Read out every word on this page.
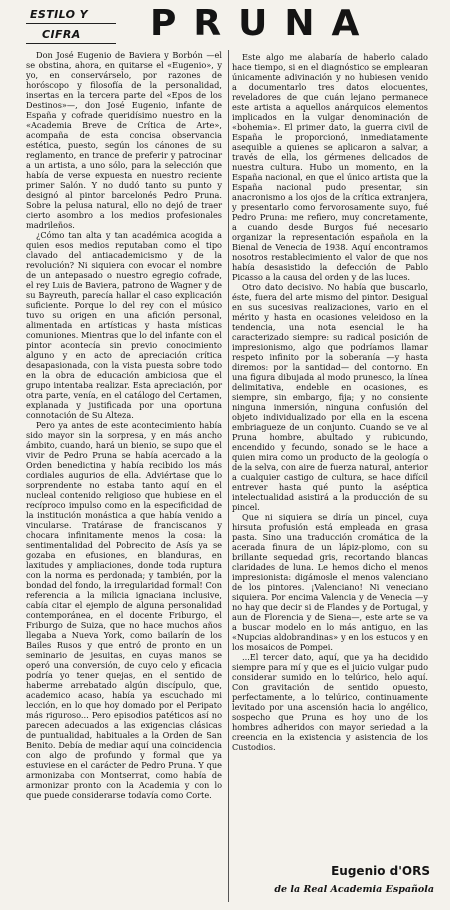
ESTILO Y
CIFRA PRUNA

Don José Eugenio de Baviera y Borbón —el se obstina, ahora, en quitarse el «Eugenio», y yo, en conservárselo, por razones de horóscopo y filosofía de la personalidad, insertas en la tercera parte del «Epos de los Destinos»—, don José Eugenio, infante de España y cofrade queridísimo nuestro en la «Academia Breve de Crítica de Arte», acompaña de esta concisa observancia estética, puesto, según los cánones de su reglamento, en trance de preferir y patrocinar a un artista, a uno sólo, para la selección que había de verse expuesta en nuestro reciente primer Salón. Y no dudó tanto su punto y designó al pintor barcelonés Pedro Pruna. Sobre la pelusa natural, ello no dejó de traer cierto asombro a los medios profesionales madrileños.

¿Cómo tan alta y tan académica acogida a quien esos medios reputaban como el tipo clavado del antiacademicismo y de la revolución? Ni siquiera con evocar el nombre de un antepasado o nuestro egregio cofrade, el rey Luis de Baviera, patrono de Wagner y de su Bayreuth, parecía hallar el caso explicación suficiente. Porque lo del rey con el músico tuvo su origen en una afición personal, alimentada en artísticas y hasta místicas comuniones. Mientras que lo del infante con el pintor acontecía sin previo conocimiento alguno y en acto de apreciación crítica desapasionada, con la vista puesta sobre todo en la obra de educación ambiciosa que el grupo intentaba realizar. Esta apreciación, por otra parte, venía, en el catálogo del Certamen, explanada y justificada por una oportuna connotación de Su Alteza.

Pero ya antes de este acontecimiento había sido mayor sin la sorpresa, y en más ancho ámbito, cuando, hará un bienio, se supo que el vivir de Pedro Pruna se había acercado a la Orden benedictina y había recibido los más cordiales augurios de ella. Adviértase que lo sorprendente no estaba tanto aquí en el nucleal contenido religioso que hubiese en el recíproco impulso como en la especificidad de la institución monástica a que había venido a vincularse. Tratárase de franciscanos y chocara infinitamente menos la cosa: la sentimentalidad del Pobrecito de Asís ya se gozaba en efusiones, en blanduras, en laxitudes y ampliaciones, donde toda ruptura con la norma es perdonada; y también, por la bondad del fondo, la irregularidad formal! Con referencia a la milicia ignaciana inclusive, cabía citar el ejemplo de alguna personalidad contemporánea, en el docente Friburgo, el Friburgo de Suiza, que no hace muchos años llegaba a Nueva York, como bailarín de los Bailes Rusos y que entró de pronto en un seminario de jesuitas, en cuyas manos se operó una conversión, de cuyo celo y eficacia podría yo tener quejas, en el sentido de haberme arrebatado algún discípulo, que, academico acaso, había ya escuchado mi lección, en lo que hoy domado por el Peripato más riguroso... Pero episodios patéticos así no parecen adecuados a las exigencias clásicas de puntualidad, habituales a la Orden de San Benito. Debía de mediar aquí una coincidencia con algo de profundo y formal que ya estuviese en el carácter de Pedro Pruna. Y que armonizaba con Montserrat, como había de armonizar pronto con la Academia y con lo que puede considerarse todavía como Corte.

Este algo me alabaría de haberlo calado hace tiempo, si en el diagnóstico se emplearan únicamente adivinación y no hubiesen venido a documentarlo tres datos elocuentes, reveladores de que cuán lejano permanece este artista a aquellos anárquicos elementos implicados en la vulgar denominación de «bohemia». El primer dato, la guerra civil de España le proporcionó, inmediatamente asequible a quienes se aplicaron a salvar, a través de ella, los gérmenes delicados de nuestra cultura. Hubo un momento, en la España nacional, en que el único artista que la España nacional pudo presentar, sin anacronismo a los ojos de la crítica extranjera, y presentarlo como fervorosamente suyo, fué Pedro Pruna: me refiero, muy concretamente, a cuando desde Burgos fué necesario organizar la representación española en la Bienal de Venecia de 1938. Aquí encontramos nosotros restablecimiento el valor de que nos había desasistido la defección de Pablo Picasso a la causa del orden y de las luces.

Otro dato decisivo. No había que buscarlo, éste, fuera del arte mismo del pintor. Desigual en sus sucesivas realizaciones, vario en el mérito y hasta en ocasiones veleidoso en la tendencia, una nota esencial le ha caracterizado siempre: su radical posición de impresionismo, algo que podríamos llamar respeto infinito por la soberanía —y hasta diremos: por la santidad— del contorno. En una figura dibujada al modo prunesco, la línea delimitativa, endeble en ocasiones, es siempre, sin embargo, fija; y no consiente ninguna inmersión, ninguna confusión del objeto individualizado por ella en la escena embriagueze de un conjunto. Cuando se ve al Pruna hombre, abultado y rubicundo, encendido y fecundo, sonado se le hace a quien mira como un producto de la geología o de la selva, con aire de fuerza natural, anterior a cualquier castigo de cultura, se hace difícil entrever hasta qué punto la aséptica intelectualidad asistirá a la producción de su pincel.

Que ni siquiera se diría un pincel, cuya hirsuta profusión está empleada en grasa pasta. Sino una traducción cromática de la acerada finura de un lápiz-plomo, con su brillante sequedad gris, recortando blancas claridades de luna. Le hemos dicho el menos impresionista: digámosle el menos valenciano de los pintores. ¡Valenciano! Ni veneciano siquiera. Por encima Valencia y de Venecia —y no hay que decir si de Flandes y de Portugal, y aun de Florencia y de Siena—, este arte se va a buscar modelo en lo más antiguo, en las «Nupcias aldobrandinas» y en los estucos y en los mosaicos de Pompei.

...El tercer dato, aquí, que ya ha decidido siempre para mí y que es el juicio vulgar pudo considerar sumido en lo telúrico, helo aquí. Con gravitación de sentido opuesto, perfectamente, a lo telúrico, continuamente levitado por una ascensión hacia lo angélico, sospecho que Pruna es hoy uno de los hombres adheridos con mayor seriedad a la creencia en la existencia y asistencia de los Custodios.

Eugenio d'ORS
de la Real Academia Española
